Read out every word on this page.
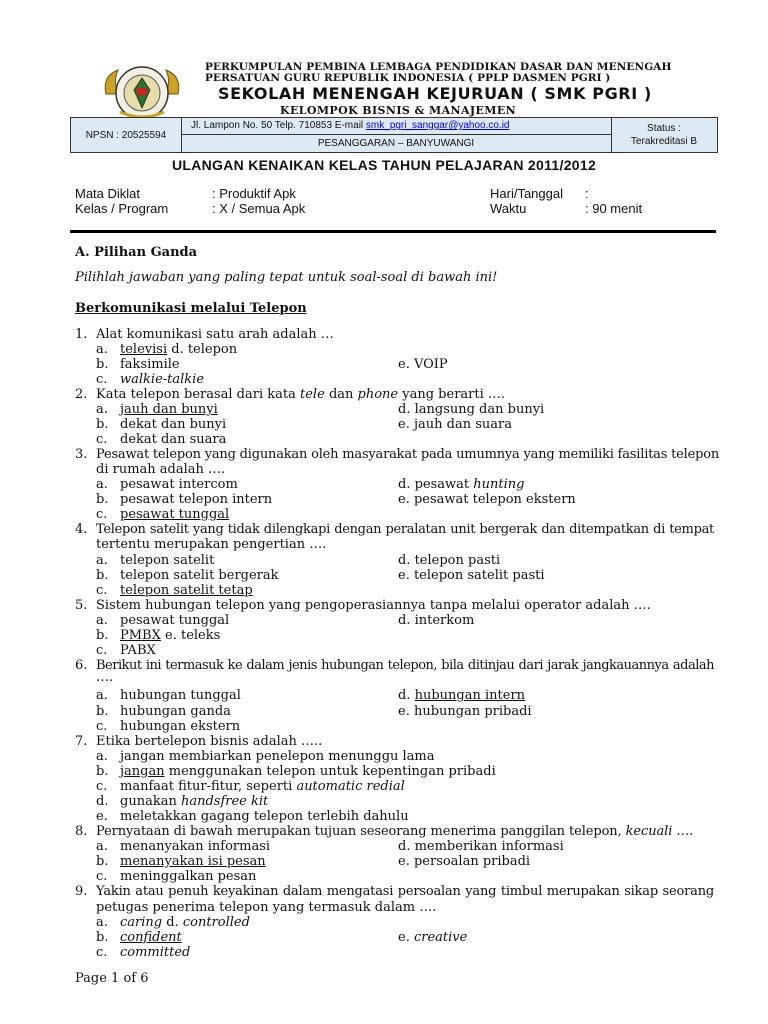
PERKUMPULAN PEMBINA LEMBAGA PENDIDIKAN DASAR DAN MENENGAH
PERSATUAN GURU REPUBLIK INDONESIA ( PPLP DASMEN PGRI )
SEKOLAH MENENGAH KEJURUAN ( SMK PGRI )
KELOMPOK BISNIS & MANAJEMEN
NPSN : 20525594
Jl. Lampon No. 50 Telp. 710853 E-mail smk_pgri_sanggar@yahoo.co.id
PESANGGARAN – BANYUWANGI
Status :
Terakreditasi B
ULANGAN KENAIKAN KELAS TAHUN PELAJARAN 2011/2012
Mata Diklat	: Produktif Apk	Hari/Tanggal :
Kelas / Program	: X / Semua Apk	Waktu	: 90 menit
A. Pilihan Ganda
Pilihlah jawaban yang paling tepat untuk soal-soal di bawah ini!
Berkomunikasi melalui Telepon
1. Alat komunikasi satu arah adalah …
a. televisi d. telepon
b. faksimile	e. VOIP
c. walkie-talkie
2. Kata telepon berasal dari kata tele dan phone yang berarti ….
a. jauh dan bunyi	d. langsung dan bunyi
b. dekat dan bunyi	e. jauh dan suara
c. dekat dan suara
3. Pesawat telepon yang digunakan oleh masyarakat pada umumnya yang memiliki fasilitas telepon
di rumah adalah ….
a. pesawat intercom	d. pesawat hunting
b. pesawat telepon intern	e. pesawat telepon ekstern
c. pesawat tunggal
4. Telepon satelit yang tidak dilengkapi dengan peralatan unit bergerak dan ditempatkan di tempat
tertentu merupakan pengertian ….
a. telepon satelit	d. telepon pasti
b. telepon satelit bergerak	e. telepon satelit pasti
c. telepon satelit tetap
5. Sistem hubungan telepon yang pengoperasiannya tanpa melalui operator adalah ….
a. pesawat tunggal	d. interkom
b. PMBX e. teleks
c. PABX
6. Berikut ini termasuk ke dalam jenis hubungan telepon, bila ditinjau dari jarak jangkauannya adalah
….
a. hubungan tunggal	d. hubungan intern
b. hubungan ganda	e. hubungan pribadi
c. hubungan ekstern
7. Etika bertelepon bisnis adalah …..
a. jangan membiarkan penelepon menunggu lama
b. jangan menggunakan telepon untuk kepentingan pribadi
c. manfaat fitur-fitur, seperti automatic redial
d. gunakan handsfree kit
e. meletakkan gagang telepon terlebih dahulu
8. Pernyataan di bawah merupakan tujuan seseorang menerima panggilan telepon, kecuali ….
a. menanyakan informasi	d. memberikan informasi
b. menanyakan isi pesan	e. persoalan pribadi
c. meninggalkan pesan
9. Yakin atau penuh keyakinan dalam mengatasi persoalan yang timbul merupakan sikap seorang
petugas penerima telepon yang termasuk dalam ….
a. caring d. controlled
b. confident	e. creative
c. committed
Page 1 of 6
